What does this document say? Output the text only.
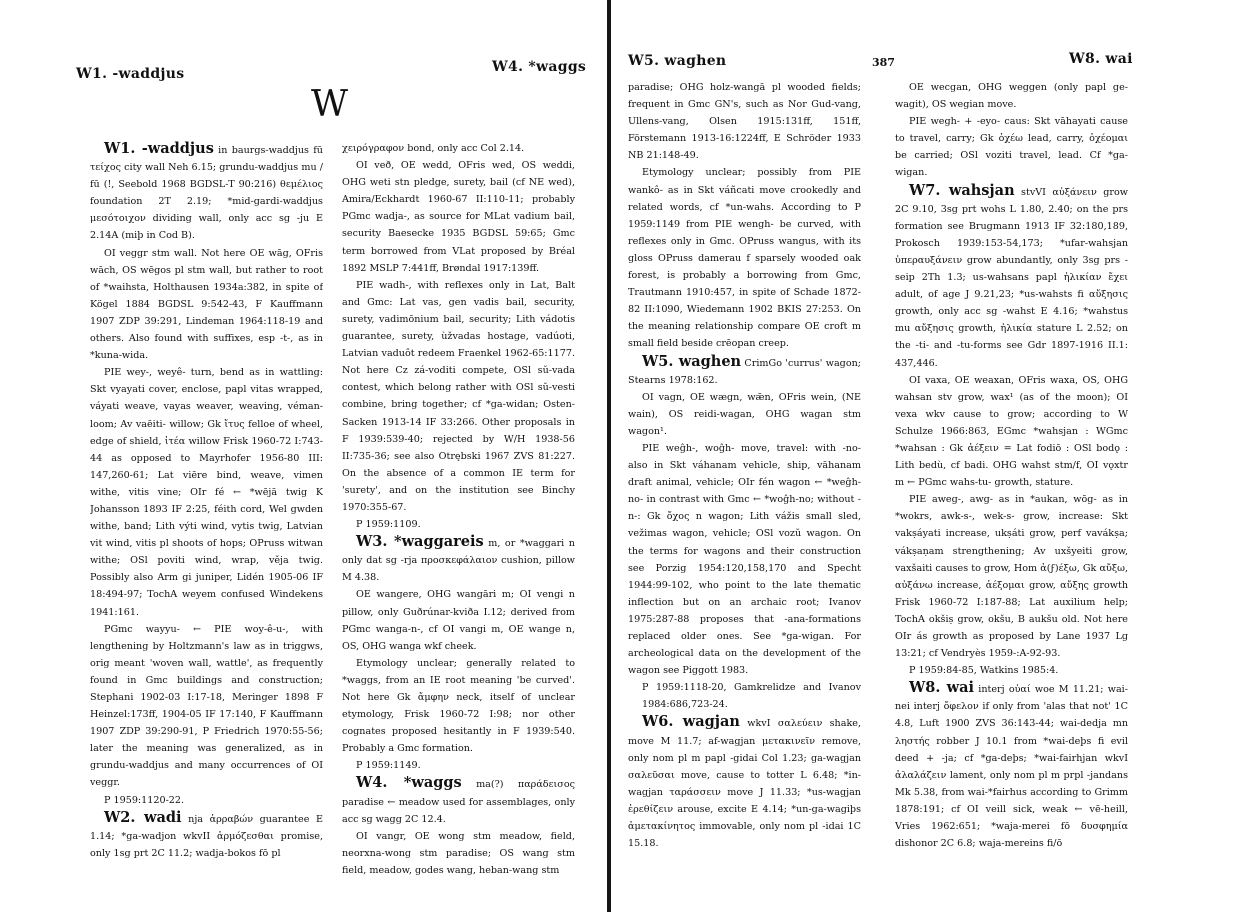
W1. -waddjus	W4. *waggs
W

W1. -waddjus in baurgs-waddjus fū τείχος city wall Neh 6.15; grundu-waddjus mu / fū (!, Seebold 1968 BGDSL-T 90:216) θεμέλιος foundation 2T 2.19; *mid-gardi-waddjus μεσότοιχον dividing wall, only acc sg -ju E 2.14A (miþ in Cod B).

OI veggr stm wall. Not here OE wāg, OFris wāch, OS wēgos pl stm wall, but rather to root of *waihsta, Holthausen 1934a:382, in spite of Kögel 1884 BGDSL 9:542-43, F Kauffmann 1907 ZDP 39:291, Lindeman 1964:118-19 and others. Also found with suffixes, esp -t-, as in *kuna-wida.

PIE wey-, weyê- turn, bend as in wattling: Skt vyayati cover, enclose, papl vitas wrapped, váyati weave, vayas weaver, weaving, véman-loom; Av vaēiti- willow; Gk ἴτυς felloe of wheel, edge of shield, ἰτέα willow Frisk 1960-72 I:743-44 as opposed to Mayrhofer 1956-80 III: 147,260-61; Lat viēre bind, weave, vimen withe, vitis vine; OIr fé ← *wējā twig K Johansson 1893 IF 2:25, féith cord, Wel gwden withe, band; Lith výti wind, vytis twig, Latvian vit wind, vitis pl shoots of hops; OPruss witwan withe; OSl poviti wind, wrap, věja twig. Possibly also Arm gi juniper, Lidén 1905-06 IF 18:494-97; TochA weyem confused Windekens 1941:161.

PGmc wayyu- ← PIE woy-ê-u-, with lengthening by Holtzmann's law as in triggws, orig meant 'woven wall, wattle', as frequently found in Gmc buildings and construction; Stephani 1902-03 I:17-18, Meringer 1898 F Heinzel:173ff, 1904-05 IF 17:140, F Kauffmann 1907 ZDP 39:290-91, P Friedrich 1970:55-56; later the meaning was generalized, as in grundu-waddjus and many occurrences of OI veggr.

P 1959:1120-22.

W2. wadi nja ἀρραβών guarantee E 1.14; *ga-wadjon wkvII ἁρμόζεσθαι promise, only 1sg prt 2C 11.2; wadja-bokos fō pl

χειρόγραφον bond, only acc Col 2.14.

OI veð, OE wedd, OFris wed, OS weddi, OHG weti stn pledge, surety, bail (cf NE wed), Amira/Eckhardt 1960-67 II:110-11; probably PGmc wadja-, as source for MLat vadium bail, security Baesecke 1935 BGDSL 59:65; Gmc term borrowed from VLat proposed by Bréal 1892 MSLP 7:441ff, Brøndal 1917:139ff.

PIE wadh-, with reflexes only in Lat, Balt and Gmc: Lat vas, gen vadis bail, security, surety, vadimōnium bail, security; Lith vádotis guarantee, surety, ùžvadas hostage, vadúoti, Latvian vaduôt redeem Fraenkel 1962-65:1177. Not here Cz zá-voditi compete, OSl sŭ-vada contest, which belong rather with OSl sŭ-vesti combine, bring together; cf *ga-widan; Osten-Sacken 1913-14 IF 33:266. Other proposals in F 1939:539-40; rejected by W/H 1938-56 II:735-36; see also Otrębski 1967 ZVS 81:227. On the absence of a common IE term for 'surety', and on the institution see Binchy 1970:355-67.

P 1959:1109.

W3. *waggareis m, or *waggari n only dat sg -rja προσκεφάλαιον cushion, pillow M 4.38.

OE wangere, OHG wangāri m; OI vengi n pillow, only Guðrúnar-kviða I.12; derived from PGmc wanga-n-, cf OI vangi m, OE wange n, OS, OHG wanga wkf cheek.

Etymology unclear; generally related to *waggs, from an IE root meaning 'be curved'. Not here Gk ἄμφην neck, itself of unclear etymology, Frisk 1960-72 I:98; nor other cognates proposed hesitantly in F 1939:540. Probably a Gmc formation.

P 1959:1149.

W4. *waggs ma(?) παράδεισος paradise ← meadow used for assemblages, only acc sg wagg 2C 12.4.

OI vangr, OE wong stm meadow, field, neorxna-wong stm paradise; OS wang stm field, meadow, godes wang, heban-wang stm

W5. waghen	387	W8. wai

paradise; OHG holz-wangā pl wooded fields; frequent in Gmc GN's, such as Nor Gud-vang, Ullens-vang, Olsen 1915:131ff, 151ff, Förstemann 1913-16:1224ff, E Schröder 1933 NB 21:148-49.

Etymology unclear; possibly from PIE wankô- as in Skt váñcati move crookedly and related words, cf *un-wahs. According to P 1959:1149 from PIE wengh- be curved, with reflexes only in Gmc. OPruss wangus, with its gloss OPruss damerau f sparsely wooded oak forest, is probably a borrowing from Gmc, Trautmann 1910:457, in spite of Schade 1872-82 II:1090, Wiedemann 1902 BKIS 27:253. On the meaning relationship compare OE croft m small field beside crēopan creep.

W5. waghen CrimGo 'currus' wagon; Stearns 1978:162.

OI vagn, OE wægn, wǣn, OFris wein, (NE wain), OS reidi-wagan, OHG wagan stm wagon¹.

PIE weĝh-, woĝh- move, travel: with -no- also in Skt váhanam vehicle, ship, vāhanam draft animal, vehicle; OIr fén wagon ← *weĝh-no- in contrast with Gmc ← *woĝh-no; without -n-: Gk ὄχος n wagon; Lith vážis small sled, vežimas wagon, vehicle; OSl vozŭ wagon. On the terms for wagons and their construction see Porzig 1954:120,158,170 and Specht 1944:99-102, who point to the late thematic inflection but on an archaic root; Ivanov 1975:287-88 proposes that -ana-formations replaced older ones. See *ga-wigan. For archeological data on the development of the wagon see Piggott 1983.

P 1959:1118-20, Gamkrelidze and Ivanov 1984:686,723-24.

W6. wagjan wkvI σαλεύειν shake, move M 11.7; af-wagjan μετακινεῖν remove, only nom pl m papl -gidai Col 1.23; ga-wagjan σαλεῦσαι move, cause to totter L 6.48; *in-wagjan ταράσσειν move J 11.33; *us-wagjan ἐρεθίζειν arouse, excite E 4.14; *un-ga-wagiþs ἀμετακίνητος immovable, only nom pl -idai 1C 15.18.

OE wecgan, OHG weggen (only papl ge-wagit), OS wegian move.

PIE wegh- + -eyo- caus: Skt vāhayati cause to travel, carry; Gk ὀχέω lead, carry, ὀχέομαι be carried; OSl voziti travel, lead. Cf *ga-wigan.

W7. wahsjan stvVI αὐξάνειν grow 2C 9.10, 3sg prt wohs L 1.80, 2.40; on the prs formation see Brugmann 1913 IF 32:180,189, Prokosch 1939:153-54,173; *ufar-wahsjan ὑπεραυξάνειν grow abundantly, only 3sg prs -seip 2Th 1.3; us-wahsans papl ἡλικίαν ἔχει adult, of age J 9.21,23; *us-wahsts fi αὔξησις growth, only acc sg -wahst E 4.16; *wahstus mu αὔξησις growth, ἡλικία stature L 2.52; on the -ti- and -tu-forms see Gdr 1897-1916 II.1: 437,446.

OI vaxa, OE weaxan, OFris waxa, OS, OHG wahsan stv grow, wax¹ (as of the moon); OI vexa wkv cause to grow; according to W Schulze 1966:863, EGmc *wahsjan : WGmc *wahsan : Gk ἀέξειν = Lat fodiō : OSl bodǫ : Lith bedù, cf badi. OHG wahst stm/f, OI vǫxtr m ← PGmc wahs-tu- growth, stature.

PIE aweg-, awg- as in *aukan, wōg- as in *wokrs, awk-s-, wek-s- grow, increase: Skt vakṣáyati increase, ukṣáti grow, perf vavákṣa; vákṣaṇam strengthening; Av uxšyeiti grow, vaxšaiti causes to grow, Hom ἀ(ϝ)έξω, Gk αὔξω, αὐξάνω increase, ἀέξομαι grow, αὔξης growth Frisk 1960-72 I:187-88; Lat auxilium help; TochA okšiṣ grow, okšu, B aukšu old. Not here OIr ás growth as proposed by Lane 1937 Lg 13:21; cf Vendryès 1959-:A-92-93.

P 1959:84-85, Watkins 1985:4.

W8. wai interj οὐαί woe M 11.21; wai-nei interj ὄφελον if only from 'alas that not' 1C 4.8, Luft 1900 ZVS 36:143-44; wai-dedja mn ληστής robber J 10.1 from *wai-deþs fi evil deed + -ja; cf *ga-deþs; *wai-fairhjan wkvI ἀλαλάζειν lament, only nom pl m prpl -jandans Mk 5.38, from wai-*fairhus according to Grimm 1878:191; cf OI veill sick, weak ← vē-heill, Vries 1962:651; *waja-merei fō δυσφημία dishonor 2C 6.8; waja-mereins fi/ō
